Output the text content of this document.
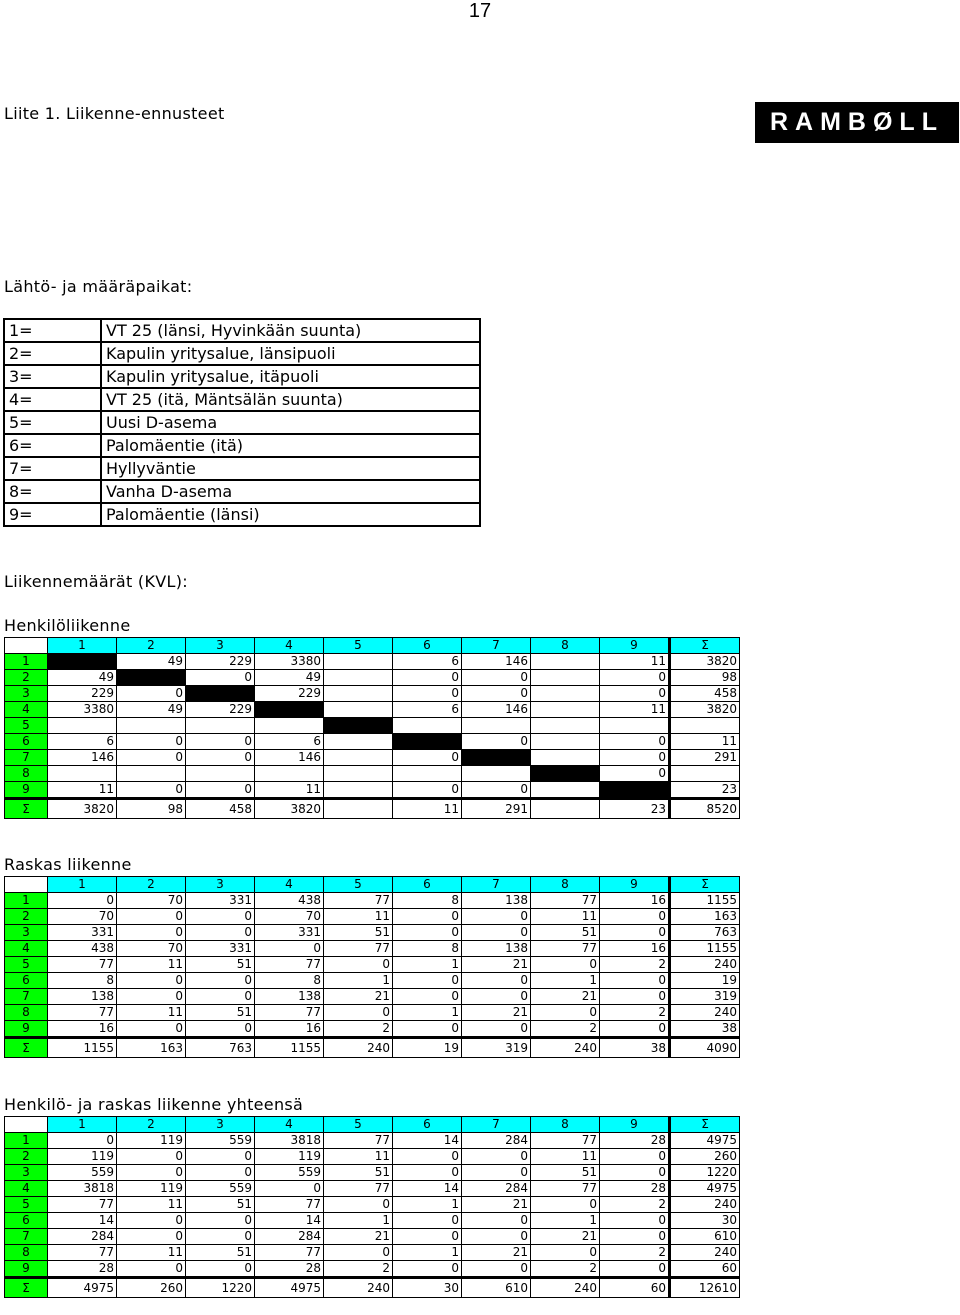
17
Liite 1. Liikenne-ennusteet	RAMBØLL
Lähtö- ja määräpaikat:
1=	VT 25 (länsi, Hyvinkään suunta)
2=	Kapulin yritysalue, länsipuoli
3=	Kapulin yritysalue, itäpuoli
4=	VT 25 (itä, Mäntsälän suunta)
5=	Uusi D-asema
6=	Palomäentie (itä)
7=	Hyllyväntie
8=	Vanha D-asema
9=	Palomäentie (länsi)
Liikennemäärät (KVL):
Henkilöliikenne
	1	2	3	4	5	6	7	8	9	Σ
1		49	229	3380		6	146		11	3820
2	49		0	49		0	0		0	98
3	229	0		229		0	0		0	458
4	3380	49	229			6	146		11	3820
5										
6	6	0	0	6			0		0	11
7	146	0	0	146		0			0	291
8									0	
9	11	0	0	11		0	0			23
Σ	3820	98	458	3820		11	291		23	8520
Raskas liikenne
	1	2	3	4	5	6	7	8	9	Σ
1	0	70	331	438	77	8	138	77	16	1155
2	70	0	0	70	11	0	0	11	0	163
3	331	0	0	331	51	0	0	51	0	763
4	438	70	331	0	77	8	138	77	16	1155
5	77	11	51	77	0	1	21	0	2	240
6	8	0	0	8	1	0	0	1	0	19
7	138	0	0	138	21	0	0	21	0	319
8	77	11	51	77	0	1	21	0	2	240
9	16	0	0	16	2	0	0	2	0	38
Σ	1155	163	763	1155	240	19	319	240	38	4090
Henkilö- ja raskas liikenne yhteensä
	1	2	3	4	5	6	7	8	9	Σ
1	0	119	559	3818	77	14	284	77	28	4975
2	119	0	0	119	11	0	0	11	0	260
3	559	0	0	559	51	0	0	51	0	1220
4	3818	119	559	0	77	14	284	77	28	4975
5	77	11	51	77	0	1	21	0	2	240
6	14	0	0	14	1	0	0	1	0	30
7	284	0	0	284	21	0	0	21	0	610
8	77	11	51	77	0	1	21	0	2	240
9	28	0	0	28	2	0	0	2	0	60
Σ	4975	260	1220	4975	240	30	610	240	60	12610
